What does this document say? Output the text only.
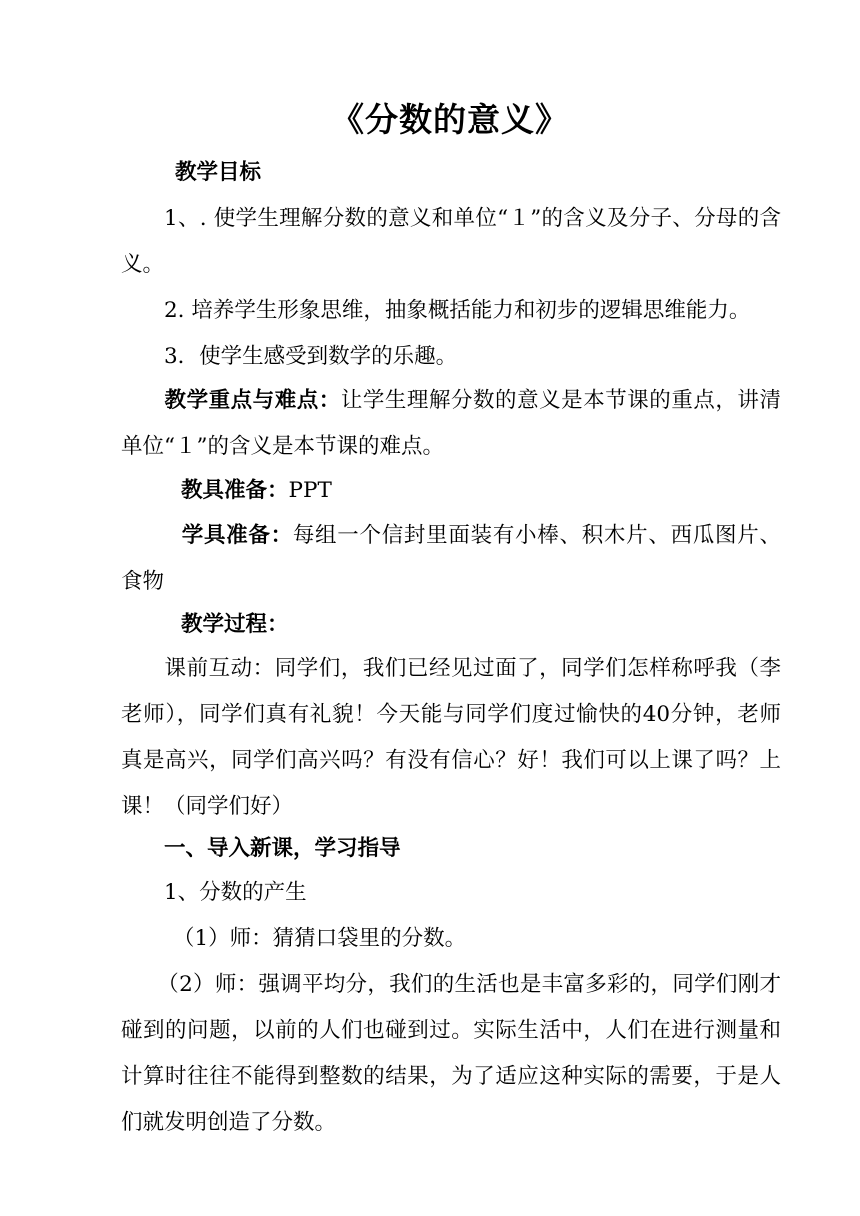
《分数的意义》
教学目标
1、. 使学生理解分数的意义和单位“１”的含义及分子、分母的含义。
2. 培养学生形象思维，抽象概括能力和初步的逻辑思维能力。
3．使学生感受到数学的乐趣。
教学重点与难点：让学生理解分数的意义是本节课的重点，讲清单位“１”的含义是本节课的难点。
教具准备：PPT
学具准备：每组一个信封里面装有小棒、积木片、西瓜图片、食物
教学过程：
课前互动：同学们，我们已经见过面了，同学们怎样称呼我（李老师），同学们真有礼貌！今天能与同学们度过愉快的40分钟，老师真是高兴，同学们高兴吗？有没有信心？好！我们可以上课了吗？上课！（同学们好）
一、导入新课，学习指导
1、分数的产生
（1）师：猜猜口袋里的分数。
（2）师：强调平均分，我们的生活也是丰富多彩的，同学们刚才碰到的问题，以前的人们也碰到过。实际生活中，人们在进行测量和计算时往往不能得到整数的结果，为了适应这种实际的需要，于是人们就发明创造了分数。
